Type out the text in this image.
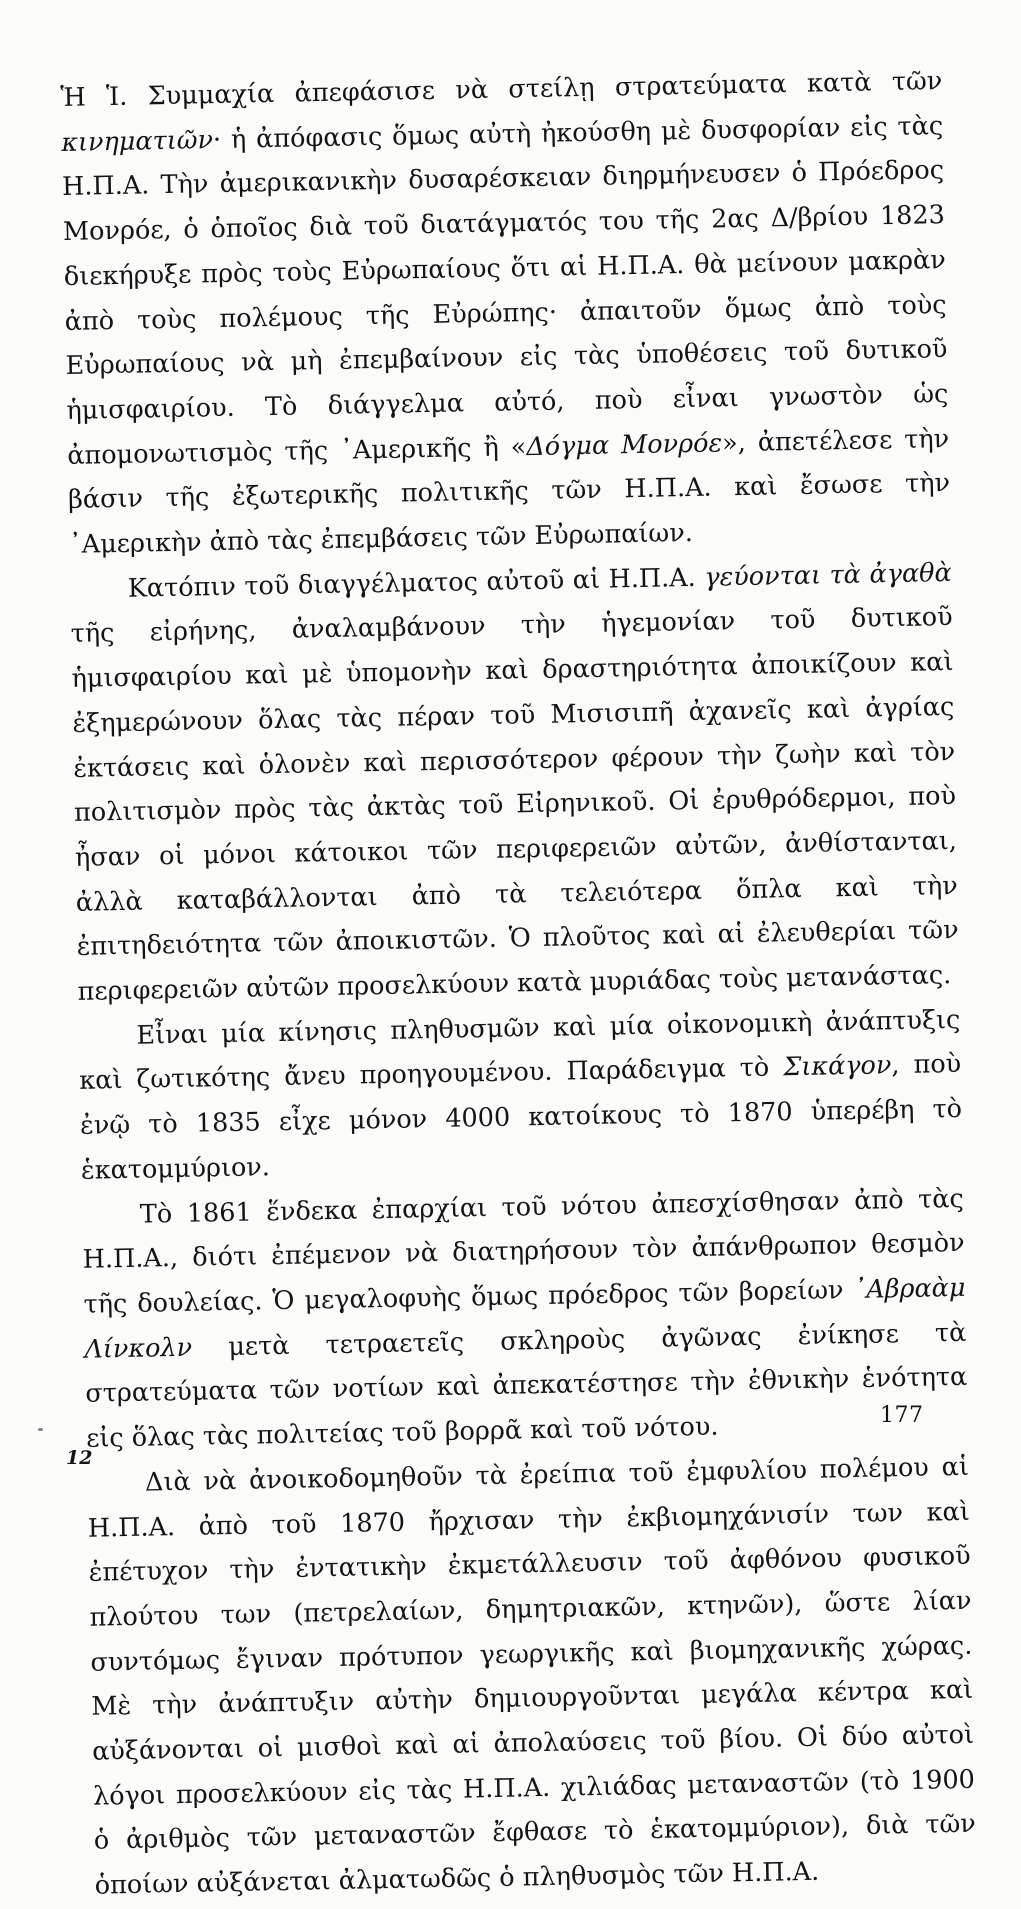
Ἡ Ἱ. Συμμαχία ἀπεφάσισε νὰ στείλῃ στρατεύματα κατὰ τῶν κινηματιῶν· ἡ ἀπόφασις ὅμως αὐτὴ ἠκούσθη μὲ δυσφορίαν εἰς τὰς Η.Π.Α. Τὴν ἀμερικανικὴν δυσαρέσκειαν διηρμήνευσεν ὁ Πρόεδρος Μονρόε, ὁ ὁποῖος διὰ τοῦ διατάγματός του τῆς 2ας Δ/βρίου 1823 διεκήρυξε πρὸς τοὺς Εὐρωπαίους ὅτι αἱ Η.Π.Α. θὰ μείνουν μακρὰν ἀπὸ τοὺς πολέμους τῆς Εὐρώπης· ἀπαιτοῦν ὅμως ἀπὸ τοὺς Εὐρωπαίους νὰ μὴ ἐπεμβαίνουν εἰς τὰς ὑποθέσεις τοῦ δυτικοῦ ἡμισφαιρίου. Τὸ διάγγελμα αὐτό, ποὺ εἶναι γνωστὸν ὡς ἀπομονωτισμὸς τῆς ᾿Αμερικῆς ἢ «Δόγμα Μονρόε», ἀπετέλεσε τὴν βάσιν τῆς ἐξωτερικῆς πολιτικῆς τῶν Η.Π.Α. καὶ ἔσωσε τὴν ᾿Αμερικὴν ἀπὸ τὰς ἐπεμβάσεις τῶν Εὐρωπαίων.

Κατόπιν τοῦ διαγγέλματος αὐτοῦ αἱ Η.Π.Α. γεύονται τὰ ἀγαθὰ τῆς εἰρήνης, ἀναλαμβάνουν τὴν ἡγεμονίαν τοῦ δυτικοῦ ἡμισφαιρίου καὶ μὲ ὑπομονὴν καὶ δραστηριότητα ἀποικίζουν καὶ ἐξημερώνουν ὅλας τὰς πέραν τοῦ Μισισιπῆ ἀχανεῖς καὶ ἀγρίας ἐκτάσεις καὶ ὁλονὲν καὶ περισσότερον φέρουν τὴν ζωὴν καὶ τὸν πολιτισμὸν πρὸς τὰς ἀκτὰς τοῦ Εἰρηνικοῦ. Οἱ ἐρυθρόδερμοι, ποὺ ἦσαν οἱ μόνοι κάτοικοι τῶν περιφερειῶν αὐτῶν, ἀνθίστανται, ἀλλὰ καταβάλλονται ἀπὸ τὰ τελειότερα ὅπλα καὶ τὴν ἐπιτηδειότητα τῶν ἀποικιστῶν. Ὁ πλοῦτος καὶ αἱ ἐλευθερίαι τῶν περιφερειῶν αὐτῶν προσελκύουν κατὰ μυριάδας τοὺς μετανάστας.

Εἶναι μία κίνησις πληθυσμῶν καὶ μία οἰκονομικὴ ἀνάπτυξις καὶ ζωτικότης ἄνευ προηγουμένου. Παράδειγμα τὸ Σικάγον, ποὺ ἐνῷ τὸ 1835 εἶχε μόνον 4000 κατοίκους τὸ 1870 ὑπερέβη τὸ ἑκατομμύριον.

Τὸ 1861 ἕνδεκα ἐπαρχίαι τοῦ νότου ἀπεσχίσθησαν ἀπὸ τὰς Η.Π.Α., διότι ἐπέμενον νὰ διατηρήσουν τὸν ἀπάνθρωπον θεσμὸν τῆς δουλείας. Ὁ μεγαλοφυὴς ὅμως πρόεδρος τῶν βορείων ᾿Αβραὰμ Λίνκολν μετὰ τετραετεῖς σκληροὺς ἀγῶνας ἐνίκησε τὰ στρατεύματα τῶν νοτίων καὶ ἀπεκατέστησε τὴν ἐθνικὴν ἑνότητα εἰς ὅλας τὰς πολιτείας τοῦ βορρᾶ καὶ τοῦ νότου.

Διὰ νὰ ἀνοικοδομηθοῦν τὰ ἐρείπια τοῦ ἐμφυλίου πολέμου αἱ Η.Π.Α. ἀπὸ τοῦ 1870 ἤρχισαν τὴν ἐκβιομηχάνισίν των καὶ ἐπέτυχον τὴν ἐντατικὴν ἐκμετάλλευσιν τοῦ ἀφθόνου φυσικοῦ πλούτου των (πετρελαίων, δημητριακῶν, κτηνῶν), ὥστε λίαν συντόμως ἔγιναν πρότυπον γεωργικῆς καὶ βιομηχανικῆς χώρας. Μὲ τὴν ἀνάπτυξιν αὐτὴν δημιουργοῦνται μεγάλα κέντρα καὶ αὐξάνονται οἱ μισθοὶ καὶ αἱ ἀπολαύσεις τοῦ βίου. Οἱ δύο αὐτοὶ λόγοι προσελκύουν εἰς τὰς Η.Π.Α. χιλιάδας μεταναστῶν (τὸ 1900 ὁ ἀριθμὸς τῶν μεταναστῶν ἔφθασε τὸ ἑκατομμύριον), διὰ τῶν ὁποίων αὐξάνεται ἀλματωδῶς ὁ πληθυσμὸς τῶν Η.Π.Α.

177
12
